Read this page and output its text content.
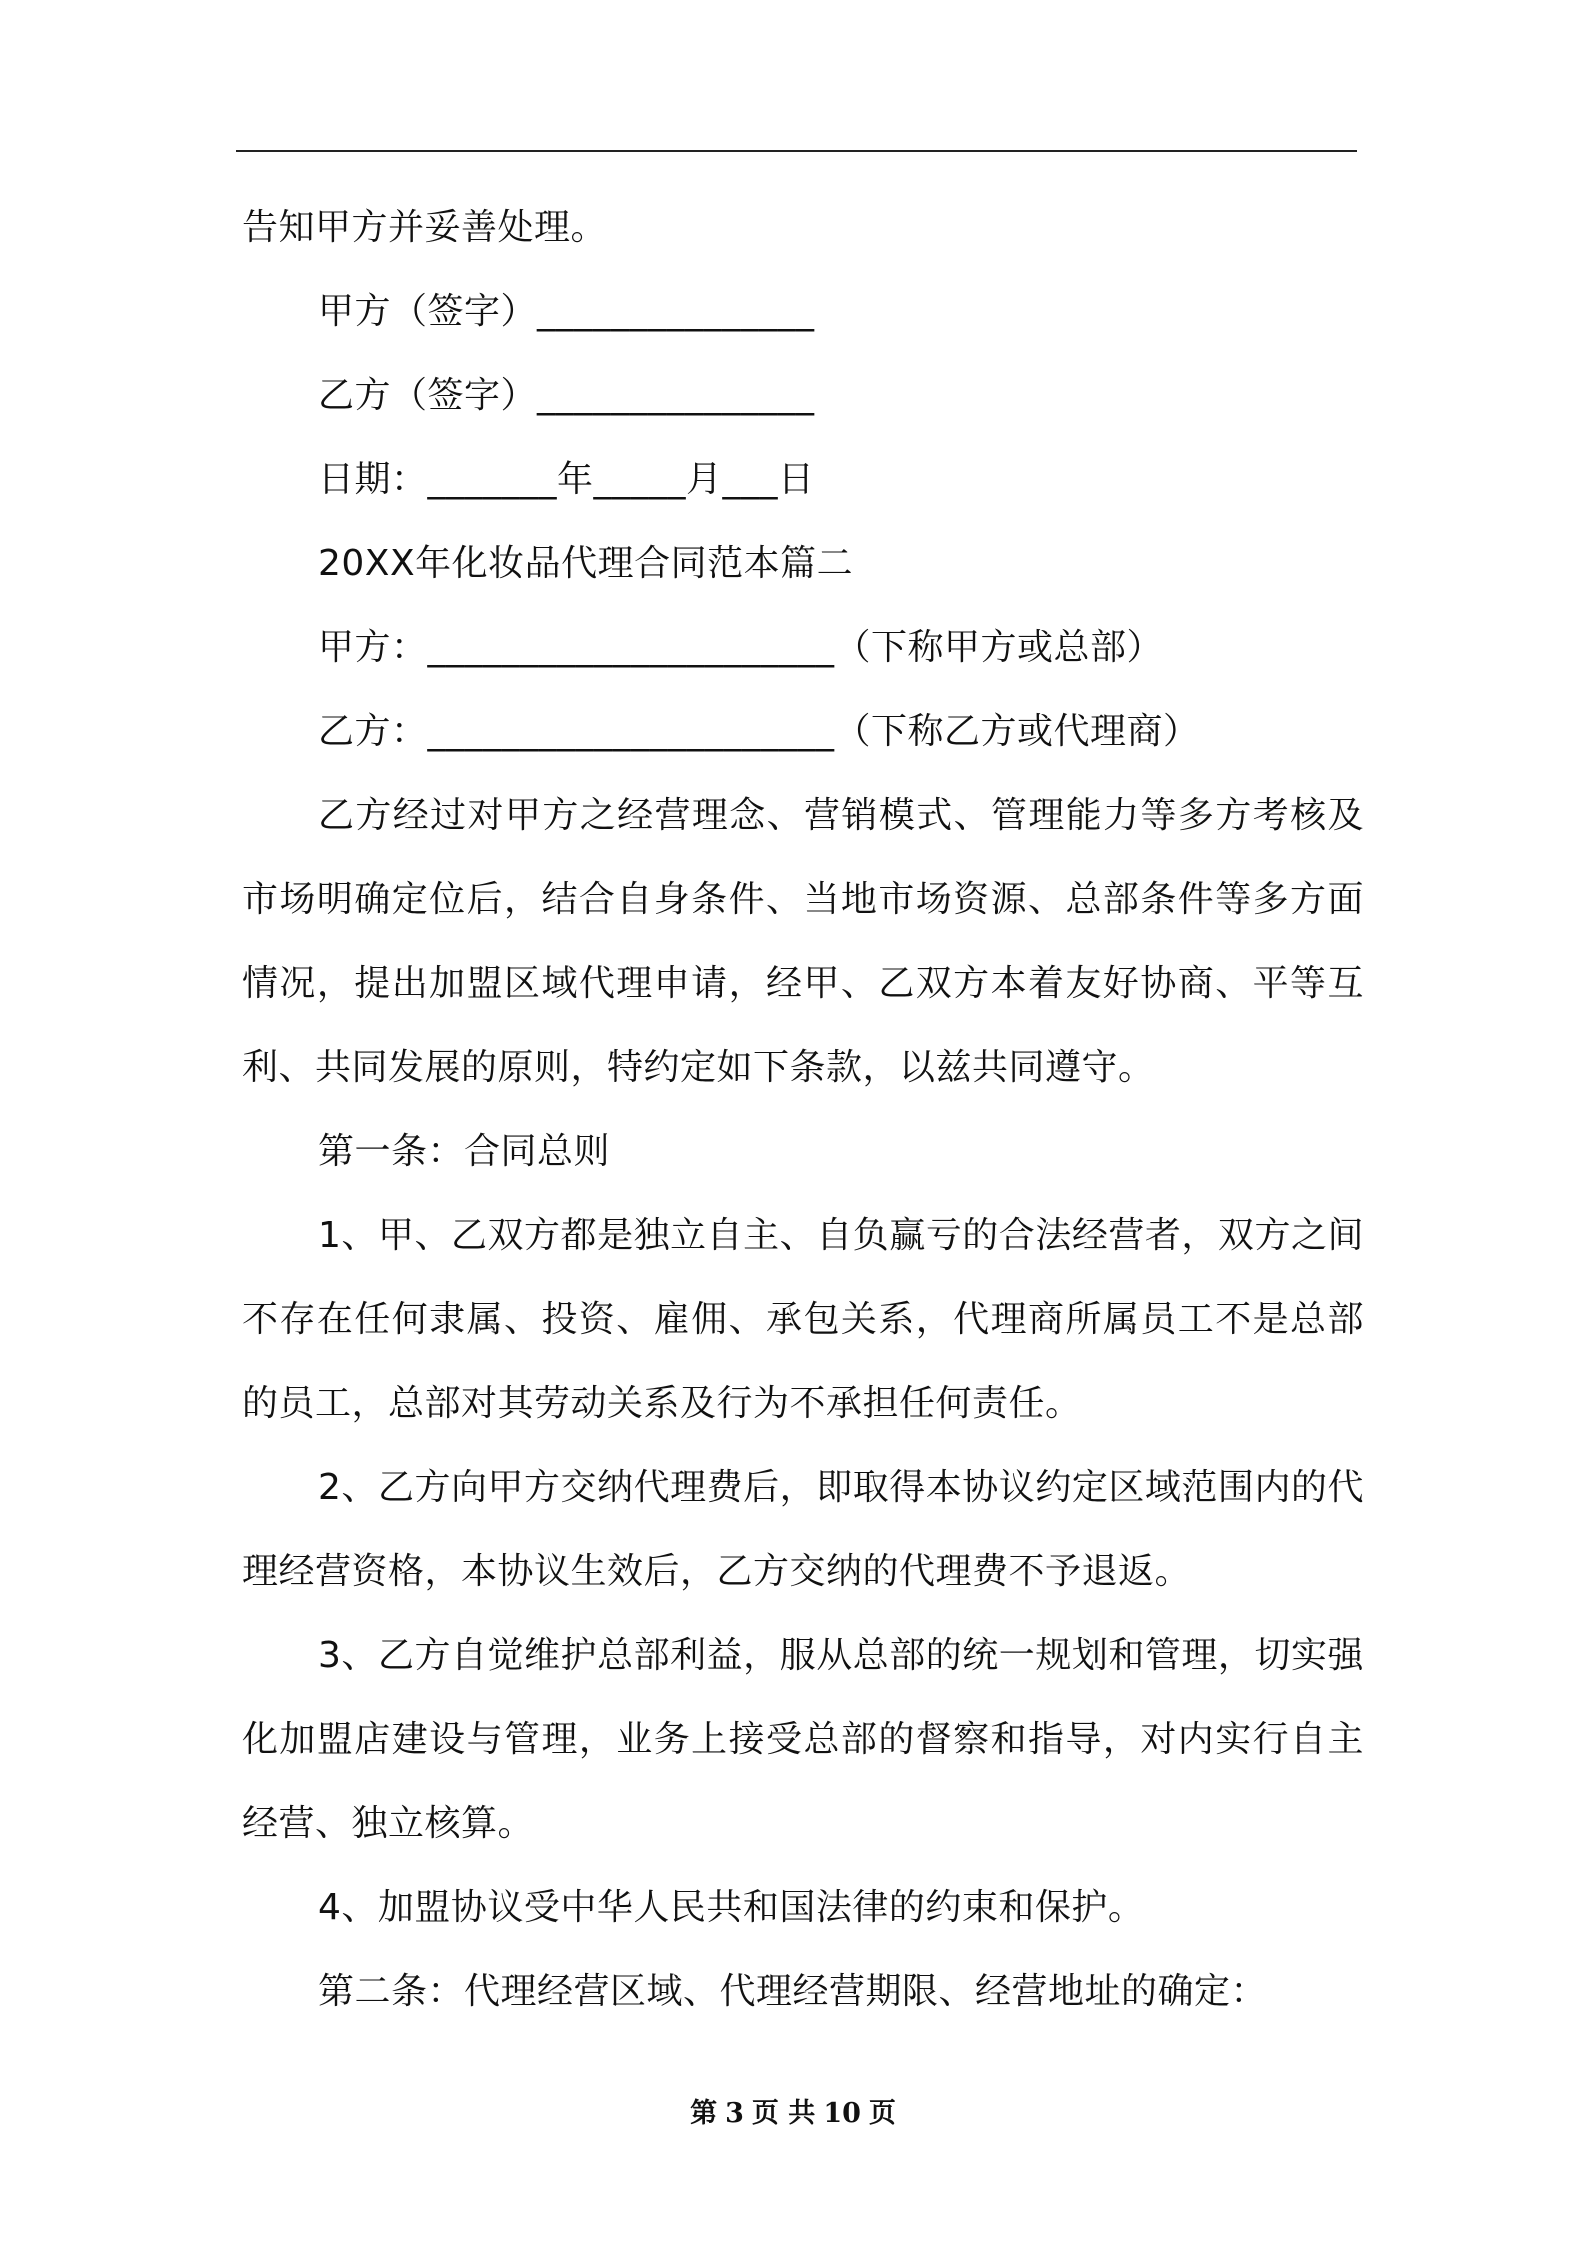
告知甲方并妥善处理。

甲方（签字）_______________

乙方（签字）_______________

日期：_______年_____月___日

20XX年化妆品代理合同范本篇二

甲方：______________________（下称甲方或总部）

乙方：______________________（下称乙方或代理商）

乙方经过对甲方之经营理念、营销模式、管理能力等多方考核及市场明确定位后，结合自身条件、当地市场资源、总部条件等多方面情况，提出加盟区域代理申请，经甲、乙双方本着友好协商、平等互利、共同发展的原则，特约定如下条款，以兹共同遵守。

第一条：合同总则

1、甲、乙双方都是独立自主、自负赢亏的合法经营者，双方之间不存在任何隶属、投资、雇佣、承包关系，代理商所属员工不是总部的员工，总部对其劳动关系及行为不承担任何责任。

2、乙方向甲方交纳代理费后，即取得本协议约定区域范围内的代理经营资格，本协议生效后，乙方交纳的代理费不予退返。

3、乙方自觉维护总部利益，服从总部的统一规划和管理，切实强化加盟店建设与管理，业务上接受总部的督察和指导，对内实行自主经营、独立核算。

4、加盟协议受中华人民共和国法律的约束和保护。

第二条：代理经营区域、代理经营期限、经营地址的确定：

第 3 页 共 10 页
